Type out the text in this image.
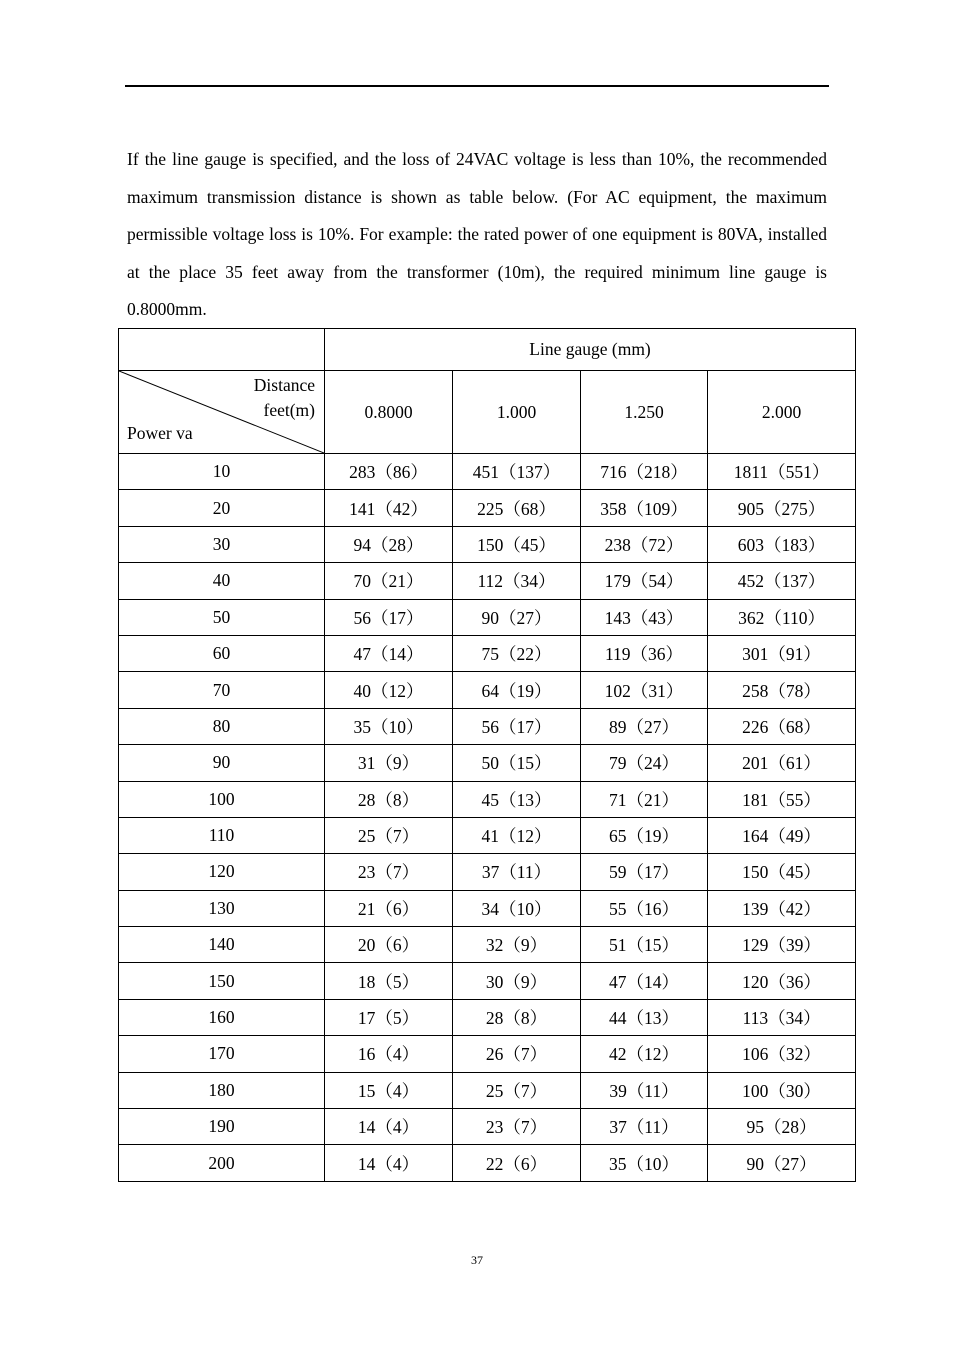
If the line gauge is specified, and the loss of 24VAC voltage is less than 10%, the recommended maximum transmission distance is shown as table below. (For AC equipment, the maximum permissible voltage loss is 10%. For example: the rated power of one equipment is 80VA, installed at the place 35 feet away from the transformer (10m), the required minimum line gauge is 0.8000mm.

	Line gauge (mm)			

Distance
feet(m)
Power va	0.8000	1.000	1.250	2.000
10	283（86）	451（137）	716（218）	1811（551）
20	141（42）	225（68）	358（109）	905（275）
30	94（28）	150（45）	238（72）	603（183）
40	70（21）	112（34）	179（54）	452（137）
50	56（17）	90（27）	143（43）	362（110）
60	47（14）	75（22）	119（36）	301（91）
70	40（12）	64（19）	102（31）	258（78）
80	35（10）	56（17）	89（27）	226（68）
90	31（9）	50（15）	79（24）	201（61）
100	28（8）	45（13）	71（21）	181（55）
110	25（7）	41（12）	65（19）	164（49）
120	23（7）	37（11）	59（17）	150（45）
130	21（6）	34（10）	55（16）	139（42）
140	20（6）	32（9）	51（15）	129（39）
150	18（5）	30（9）	47（14）	120（36）
160	17（5）	28（8）	44（13）	113（34）
170	16（4）	26（7）	42（12）	106（32）
180	15（4）	25（7）	39（11）	100（30）
190	14（4）	23（7）	37（11）	95（28）
200	14（4）	22（6）	35（10）	90（27）
37
